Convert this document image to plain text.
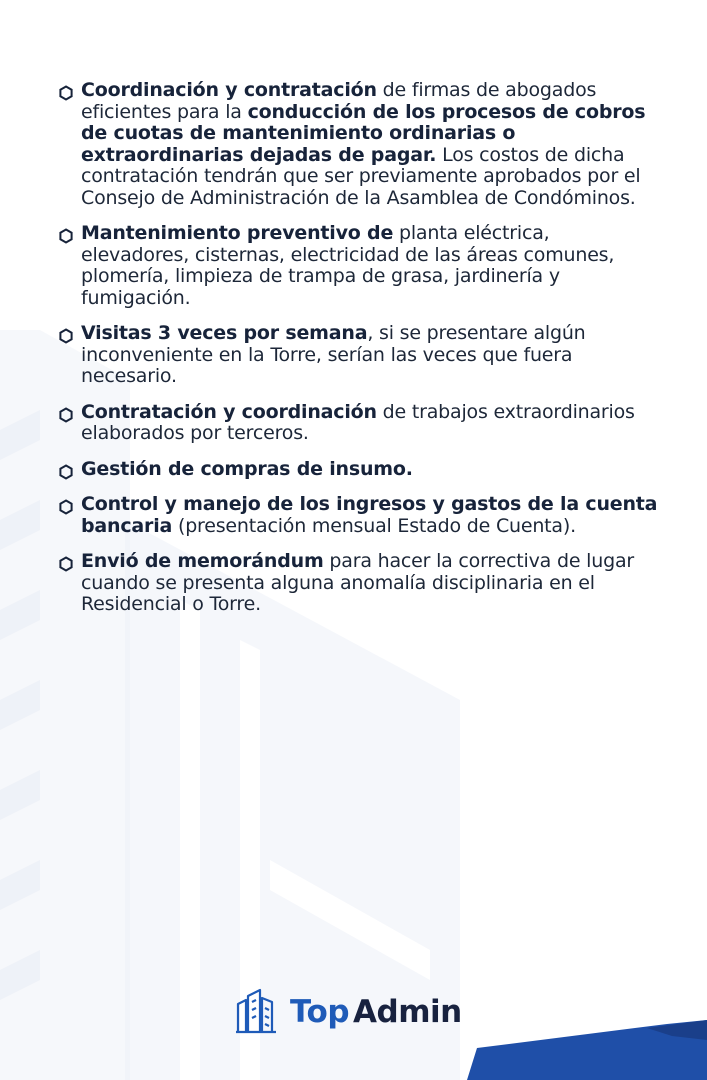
Coordinación y contratación de firmas de abogados eficientes para la conducción de los procesos de cobros de cuotas de mantenimiento ordinarias o extraordinarias dejadas de pagar. Los costos de dicha contratación tendrán que ser previamente aprobados por el Consejo de Administración de la Asamblea de Condóminos.
Mantenimiento preventivo de planta eléctrica, elevadores, cisternas, electricidad de las áreas comunes, plomería, limpieza de trampa de grasa, jardinería y fumigación.
Visitas 3 veces por semana, si se presentare algún inconveniente en la Torre, serían las veces que fuera necesario.
Contratación y coordinación de trabajos extraordinarios elaborados por terceros.
Gestión de compras de insumo.
Control y manejo de los ingresos y gastos de la cuenta bancaria (presentación mensual Estado de Cuenta).
Envió de memorándum para hacer la correctiva de lugar cuando se presenta alguna anomalía disciplinaria en el Residencial o Torre.
Top Admin
